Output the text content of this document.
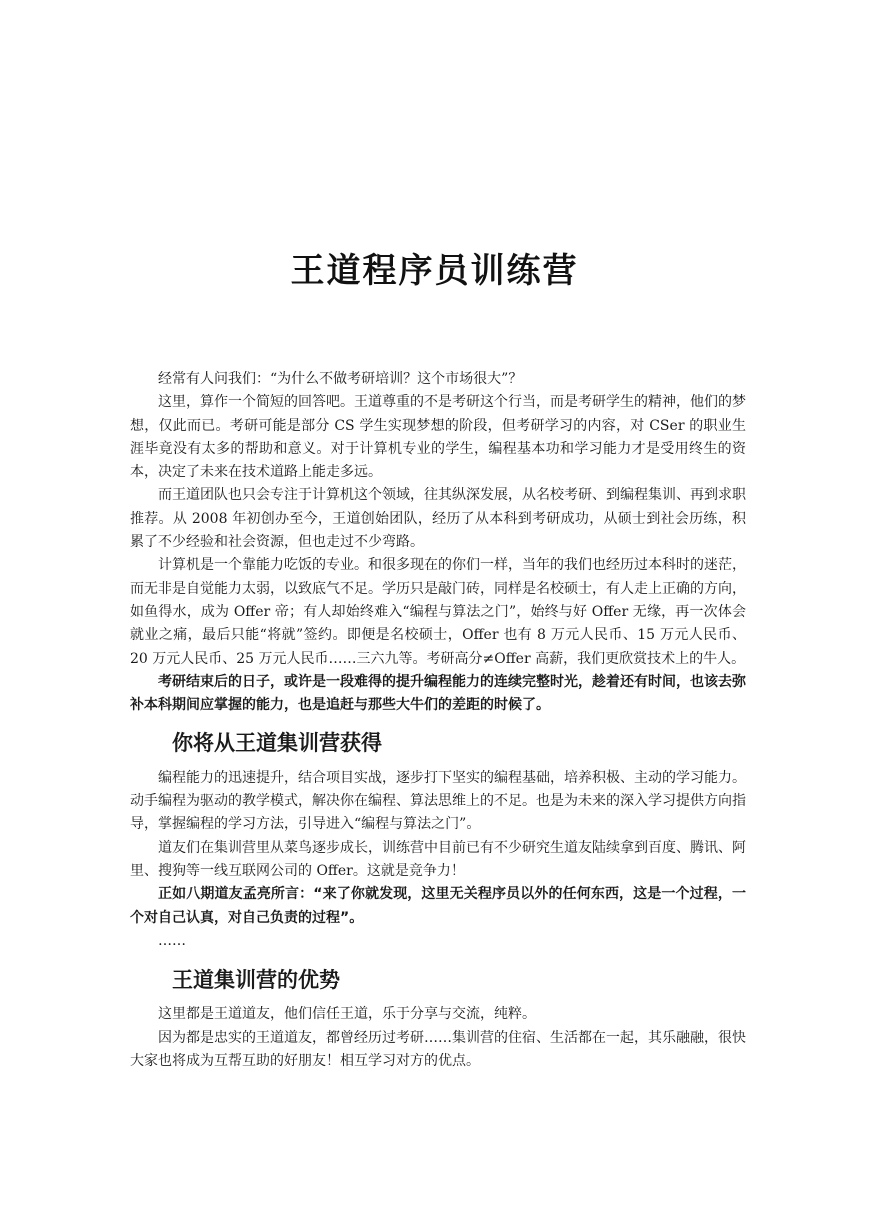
王道程序员训练营

经常有人问我们：“为什么不做考研培训？这个市场很大”？

这里，算作一个简短的回答吧。王道尊重的不是考研这个行当，而是考研学生的精神，他们的梦想，仅此而已。考研可能是部分 CS 学生实现梦想的阶段，但考研学习的内容，对 CSer 的职业生涯毕竟没有太多的帮助和意义。对于计算机专业的学生，编程基本功和学习能力才是受用终生的资本，决定了未来在技术道路上能走多远。

而王道团队也只会专注于计算机这个领域，往其纵深发展，从名校考研、到编程集训、再到求职推荐。从 2008 年初创办至今，王道创始团队，经历了从本科到考研成功，从硕士到社会历练，积累了不少经验和社会资源，但也走过不少弯路。

计算机是一个靠能力吃饭的专业。和很多现在的你们一样，当年的我们也经历过本科时的迷茫，而无非是自觉能力太弱，以致底气不足。学历只是敲门砖，同样是名校硕士，有人走上正确的方向，如鱼得水，成为 Offer 帝；有人却始终难入“编程与算法之门”，始终与好 Offer 无缘，再一次体会就业之痛，最后只能“将就”签约。即便是名校硕士，Offer 也有 8 万元人民币、15 万元人民币、20 万元人民币、25 万元人民币……三六九等。考研高分≠Offer 高薪，我们更欣赏技术上的牛人。

考研结束后的日子，或许是一段难得的提升编程能力的连续完整时光，趁着还有时间，也该去弥补本科期间应掌握的能力，也是追赶与那些大牛们的差距的时候了。

你将从王道集训营获得

编程能力的迅速提升，结合项目实战，逐步打下坚实的编程基础，培养积极、主动的学习能力。动手编程为驱动的教学模式，解决你在编程、算法思维上的不足。也是为未来的深入学习提供方向指导，掌握编程的学习方法，引导进入“编程与算法之门”。

道友们在集训营里从菜鸟逐步成长，训练营中目前已有不少研究生道友陆续拿到百度、腾讯、阿里、搜狗等一线互联网公司的 Offer。这就是竞争力！

正如八期道友孟亮所言：“来了你就发现，这里无关程序员以外的任何东西，这是一个过程，一个对自己认真，对自己负责的过程”。

……

王道集训营的优势

这里都是王道道友，他们信任王道，乐于分享与交流，纯粹。

因为都是忠实的王道道友，都曾经历过考研……集训营的住宿、生活都在一起，其乐融融，很快大家也将成为互帮互助的好朋友！相互学习对方的优点。
